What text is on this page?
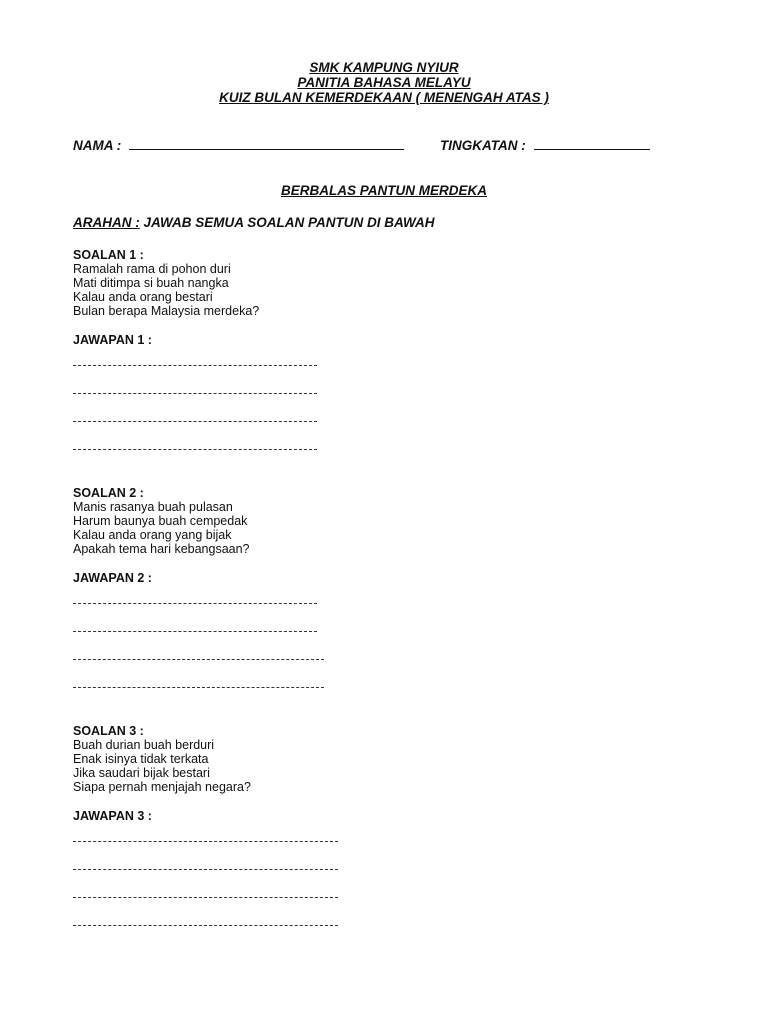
SMK KAMPUNG NYIUR
PANITIA BAHASA MELAYU
KUIZ BULAN KEMERDEKAAN ( MENENGAH ATAS )
NAMA :	TINGKATAN :
BERBALAS PANTUN MERDEKA
ARAHAN : JAWAB SEMUA SOALAN PANTUN DI BAWAH

SOALAN 1 :

Ramalah rama di pohon duri

Mati ditimpa si buah nangka

Kalau anda orang bestari

Bulan berapa Malaysia merdeka?

JAWAPAN 1 :

SOALAN 2 :

Manis rasanya buah pulasan

Harum baunya buah cempedak

Kalau anda orang yang bijak

Apakah tema hari kebangsaan?

JAWAPAN 2 :

SOALAN 3 :

Buah durian buah berduri

Enak isinya tidak terkata

Jika saudari bijak bestari

Siapa pernah menjajah negara?

JAWAPAN 3 :
